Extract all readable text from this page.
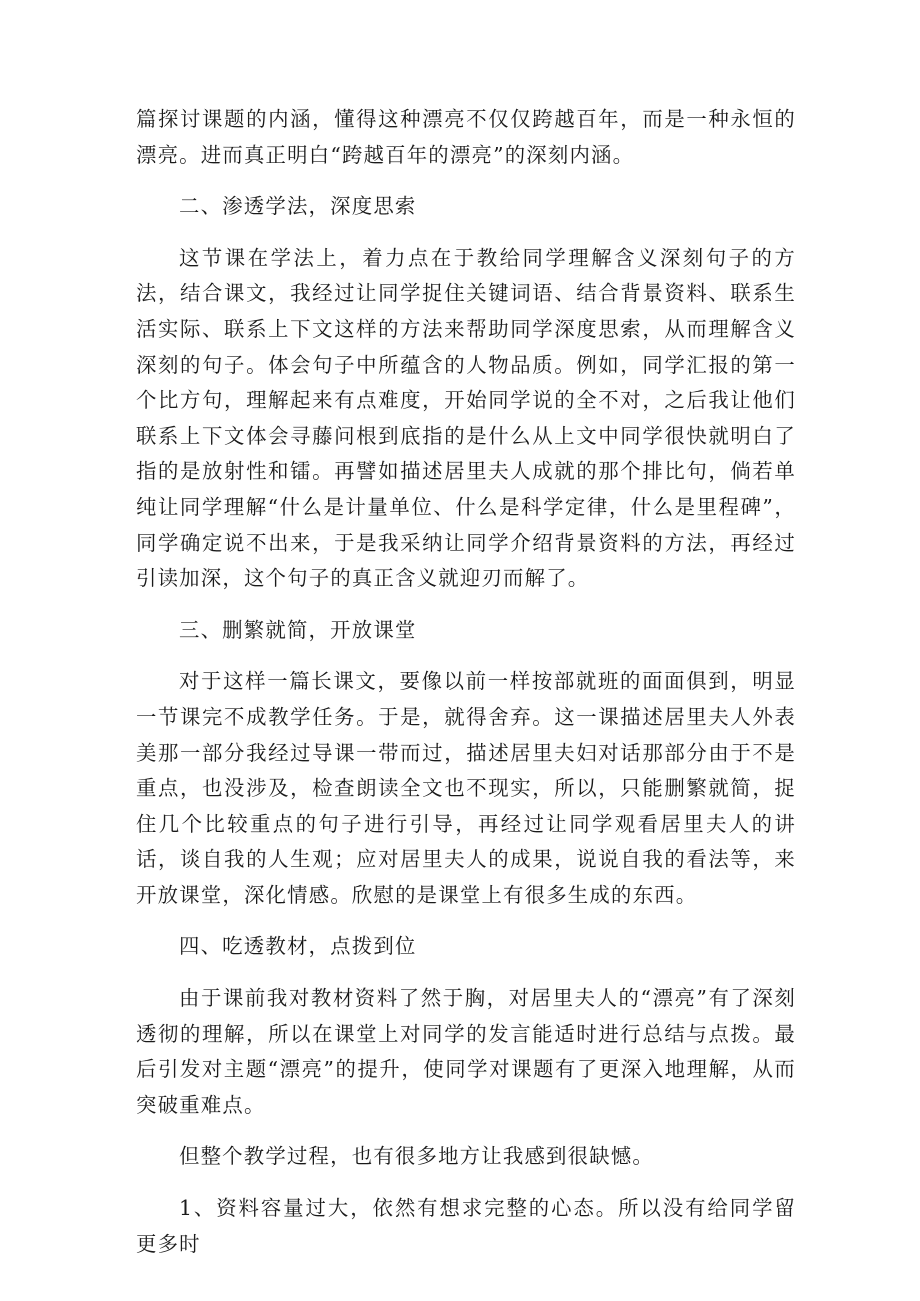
篇探讨课题的内涵，懂得这种漂亮不仅仅跨越百年，而是一种永恒的漂亮。进而真正明白“跨越百年的漂亮”的深刻内涵。

二、渗透学法，深度思索

这节课在学法上，着力点在于教给同学理解含义深刻句子的方法，结合课文，我经过让同学捉住关键词语、结合背景资料、联系生活实际、联系上下文这样的方法来帮助同学深度思索，从而理解含义深刻的句子。体会句子中所蕴含的人物品质。例如，同学汇报的第一个比方句，理解起来有点难度，开始同学说的全不对，之后我让他们联系上下文体会寻藤问根到底指的是什么从上文中同学很快就明白了指的是放射性和镭。再譬如描述居里夫人成就的那个排比句，倘若单纯让同学理解“什么是计量单位、什么是科学定律，什么是里程碑”，同学确定说不出来，于是我采纳让同学介绍背景资料的方法，再经过引读加深，这个句子的真正含义就迎刃而解了。

三、删繁就简，开放课堂

对于这样一篇长课文，要像以前一样按部就班的面面俱到，明显一节课完不成教学任务。于是，就得舍弃。这一课描述居里夫人外表美那一部分我经过导课一带而过，描述居里夫妇对话那部分由于不是重点，也没涉及，检查朗读全文也不现实，所以，只能删繁就简，捉住几个比较重点的句子进行引导，再经过让同学观看居里夫人的讲话，谈自我的人生观；应对居里夫人的成果，说说自我的看法等，来开放课堂，深化情感。欣慰的是课堂上有很多生成的东西。

四、吃透教材，点拨到位

由于课前我对教材资料了然于胸，对居里夫人的“漂亮”有了深刻透彻的理解，所以在课堂上对同学的发言能适时进行总结与点拨。最后引发对主题“漂亮”的提升，使同学对课题有了更深入地理解，从而突破重难点。

但整个教学过程，也有很多地方让我感到很缺憾。

1、资料容量过大，依然有想求完整的心态。所以没有给同学留更多时
